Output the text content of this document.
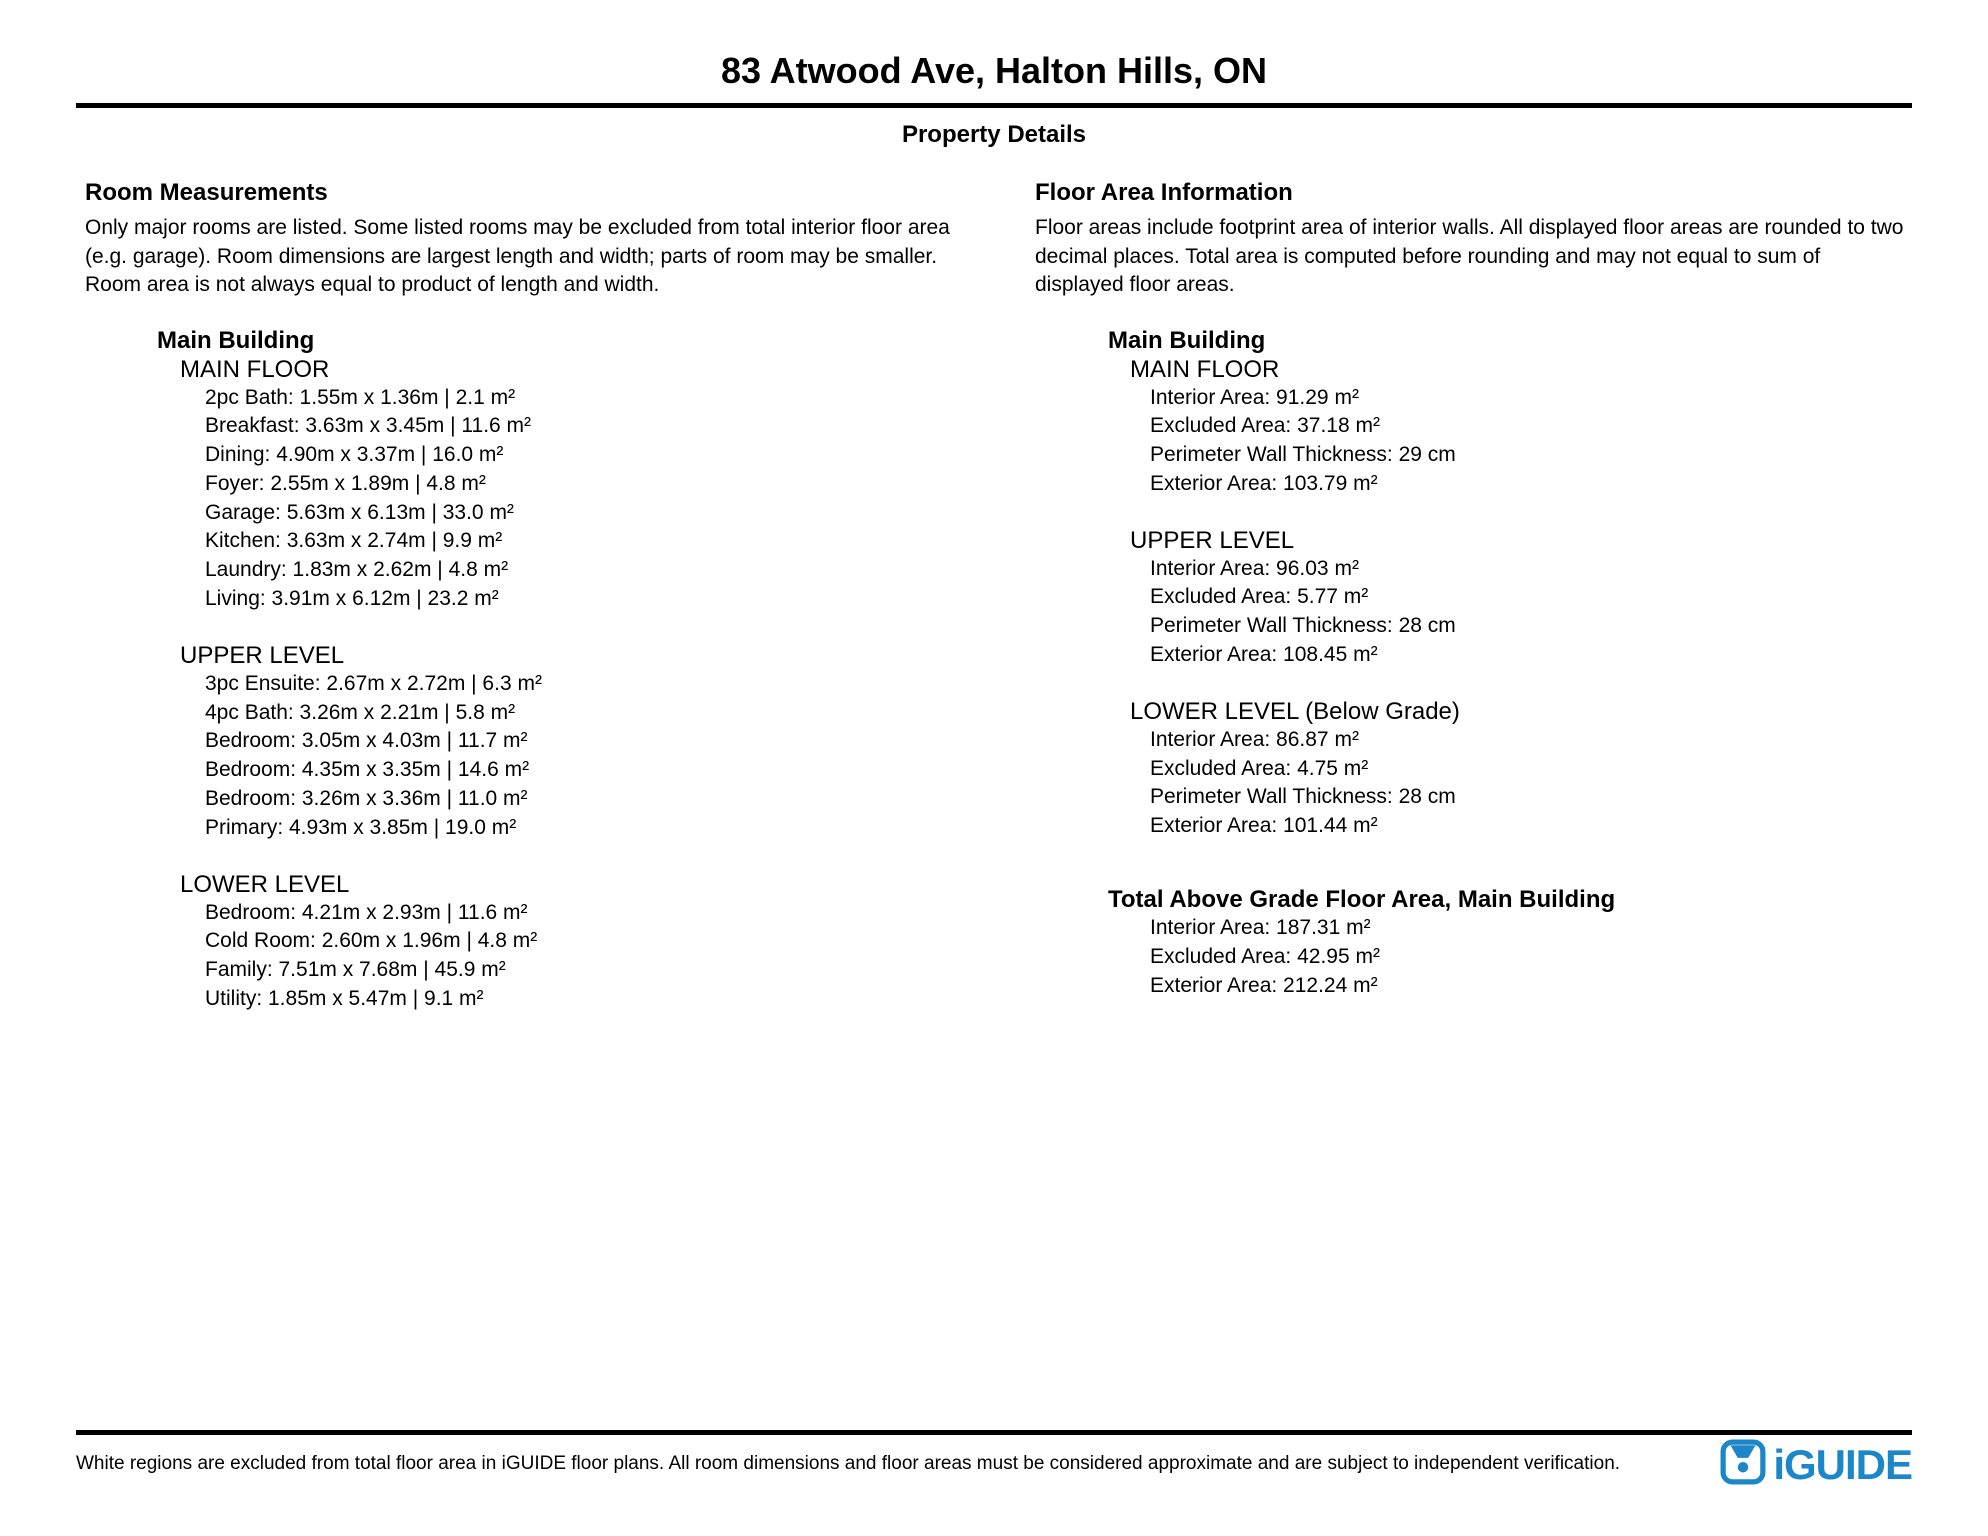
83 Atwood Ave, Halton Hills, ON
Property Details
Room Measurements

Only major rooms are listed. Some listed rooms may be excluded from total interior floor area (e.g. garage). Room dimensions are largest length and width; parts of room may be smaller. Room area is not always equal to product of length and width.

Main Building
MAIN FLOOR
2pc Bath: 1.55m x 1.36m | 2.1 m²
Breakfast: 3.63m x 3.45m | 11.6 m²
Dining: 4.90m x 3.37m | 16.0 m²
Foyer: 2.55m x 1.89m | 4.8 m²
Garage: 5.63m x 6.13m | 33.0 m²
Kitchen: 3.63m x 2.74m | 9.9 m²
Laundry: 1.83m x 2.62m | 4.8 m²
Living: 3.91m x 6.12m | 23.2 m²
UPPER LEVEL
3pc Ensuite: 2.67m x 2.72m | 6.3 m²
4pc Bath: 3.26m x 2.21m | 5.8 m²
Bedroom: 3.05m x 4.03m | 11.7 m²
Bedroom: 4.35m x 3.35m | 14.6 m²
Bedroom: 3.26m x 3.36m | 11.0 m²
Primary: 4.93m x 3.85m | 19.0 m²
LOWER LEVEL
Bedroom: 4.21m x 2.93m | 11.6 m²
Cold Room: 2.60m x 1.96m | 4.8 m²
Family: 7.51m x 7.68m | 45.9 m²
Utility: 1.85m x 5.47m | 9.1 m²
Floor Area Information

Floor areas include footprint area of interior walls. All displayed floor areas are rounded to two decimal places. Total area is computed before rounding and may not equal to sum of displayed floor areas.

Main Building
MAIN FLOOR
Interior Area: 91.29 m²
Excluded Area: 37.18 m²
Perimeter Wall Thickness: 29 cm
Exterior Area: 103.79 m²
UPPER LEVEL
Interior Area: 96.03 m²
Excluded Area: 5.77 m²
Perimeter Wall Thickness: 28 cm
Exterior Area: 108.45 m²
LOWER LEVEL (Below Grade)
Interior Area: 86.87 m²
Excluded Area: 4.75 m²
Perimeter Wall Thickness: 28 cm
Exterior Area: 101.44 m²
Total Above Grade Floor Area, Main Building
Interior Area: 187.31 m²
Excluded Area: 42.95 m²
Exterior Area: 212.24 m²

White regions are excluded from total floor area in iGUIDE floor plans. All room dimensions and floor areas must be considered approximate and are subject to independent verification.	iGUIDE
